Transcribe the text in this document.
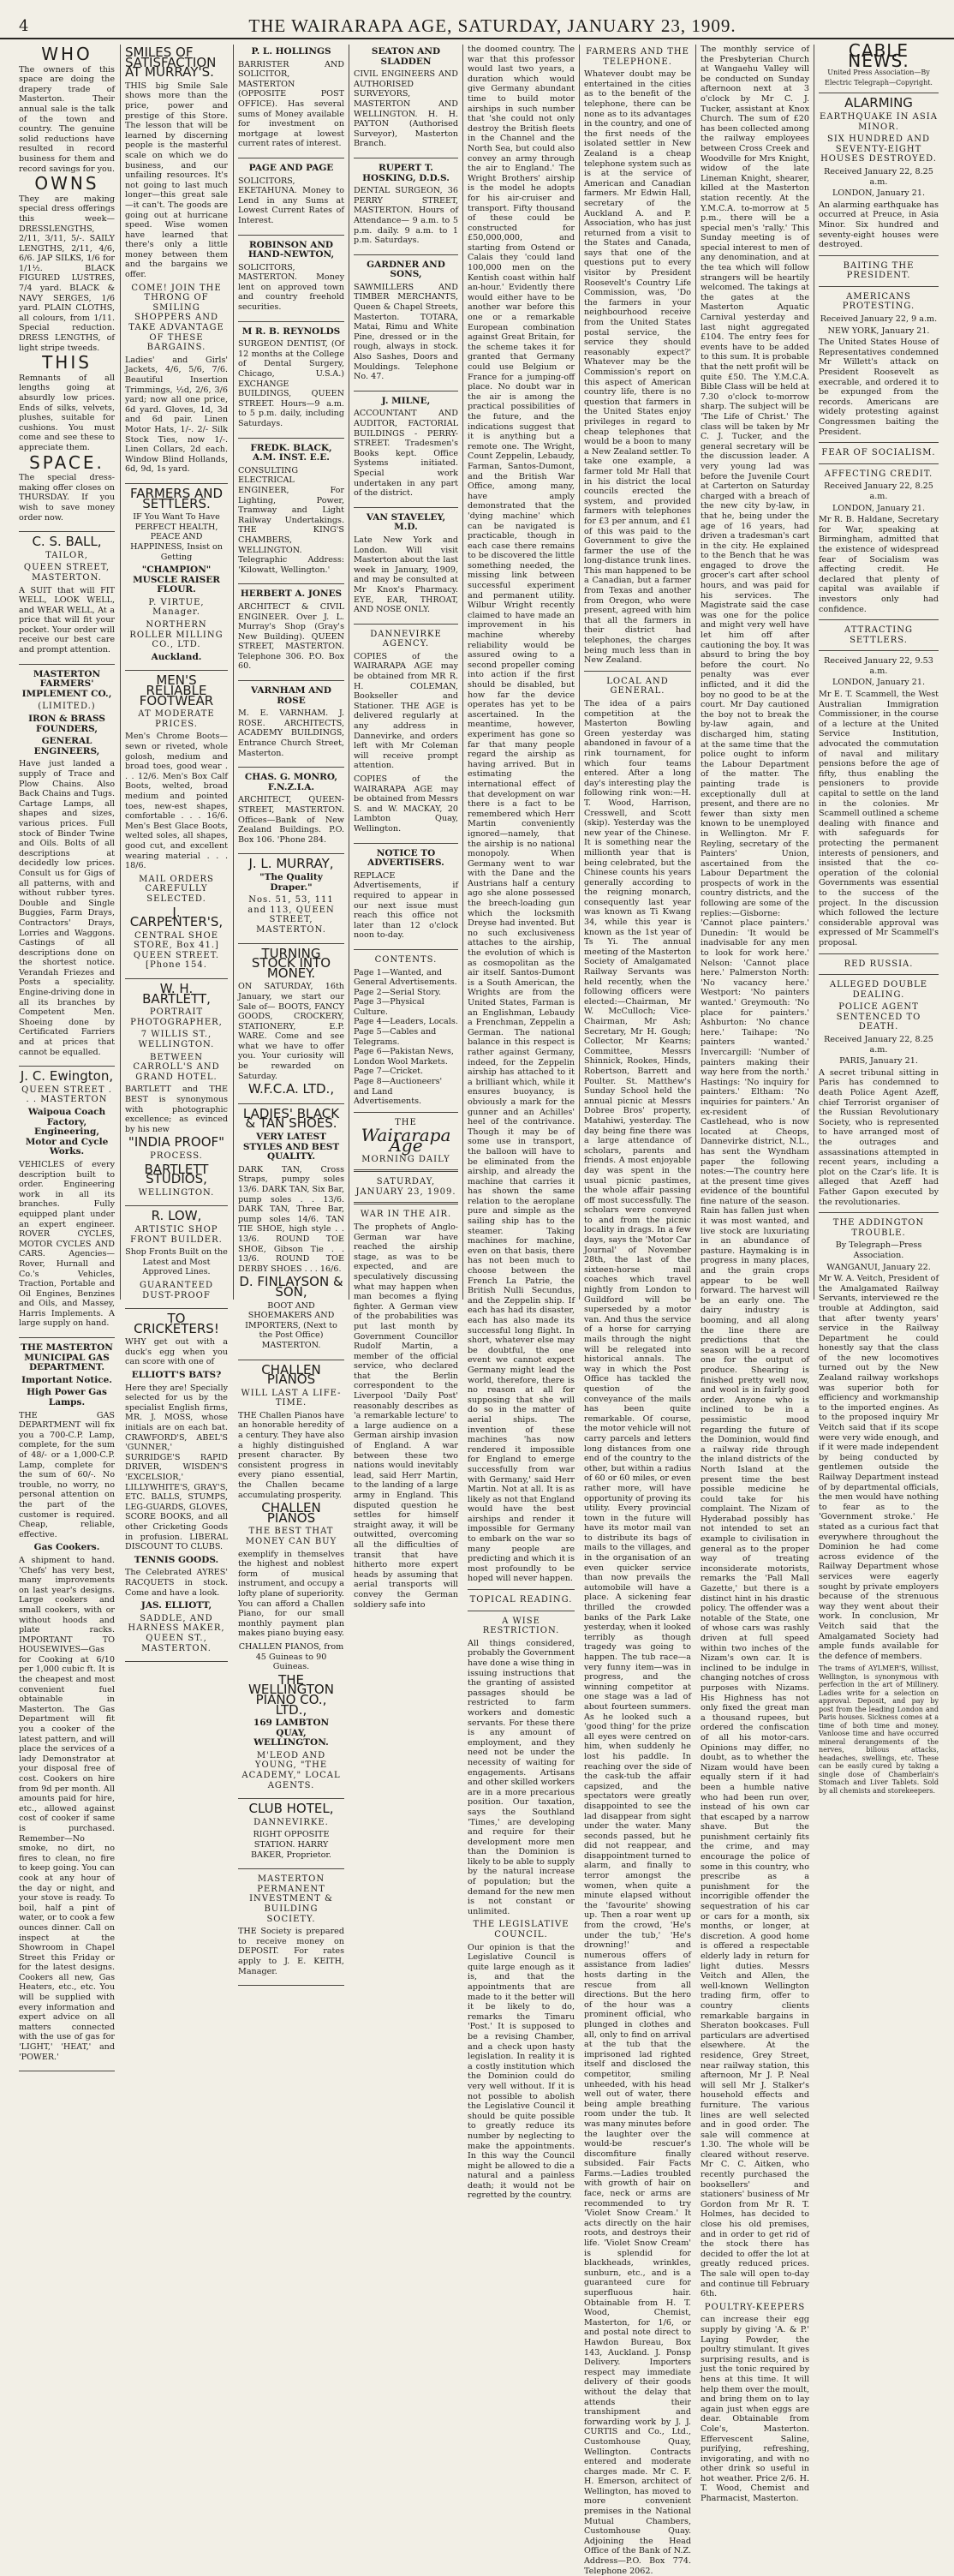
4	THE WAIRARAPA AGE, SATURDAY, JANUARY 23, 1909.
WHO

The owners of this space are doing the drapery trade of Masterton. Their annual sale is the talk of the town and country. The genuine solid reductions have resulted in record business for them and record savings for you.

OWNS

They are making special dress offerings this week— DRESSLENGTHS, 2/11, 3/11, 5/-. SAILY LENGTHS, 2/11, 4/6, 6/6. JAP SILKS, 1/6 for 1/1½. BLACK FIGURED LUSTRES, 7/4 yard. BLACK & NAVY SERGES, 1/6 yard. PLAIN CLOTHS, all colours, from 1/11. Special reduction. DRESS LENGTHS, of light stripe tweeds.

THIS

Remnants of all lengths going at absurdly low prices. Ends of silks, velvets, plushes, suitable for cushions. You must come and see these to appreciate them.

SPACE.

The special dress-making offer closes on THURSDAY. If you wish to save money order now.

C. S. BALL,
TAILOR,
QUEEN STREET, MASTERTON.

A SUIT that will FIT WELL, LOOK WELL, and WEAR WELL, At a price that will fit your pocket. Your order will receive our best care and prompt attention.

MASTERTON FARMERS' IMPLEMENT CO.,
(LIMITED.)
IRON & BRASS FOUNDERS,
GENERAL ENGINEERS,

Have just landed a supply of Trace and Plow Chains. Also Back Chains and Tugs. Cartage Lamps, all shapes and sizes, various prices. Full stock of Binder Twine and Oils. Bolts of all descriptions at decidedly low prices. Consult us for Gigs of all patterns, with and without rubber tyres. Double and Single Buggies, Farm Drays, Contractors' Drays, Lorries and Waggons. Castings of all descriptions done on the shortest notice. Verandah Friezes and Posts a speciality. Engine-driving done in all its branches by Competent Men. Shoeing done by Certificated Farriers and at prices that cannot be equalled.

J. C. Ewington,
QUEEN STREET . . . MASTERTON
Waipoua Coach Factory, Engineering, Motor and Cycle Works.

VEHICLES of every description built to order. Engineering work in all its branches. Fully equipped plant under an expert engineer. ROVER CYCLES, MOTOR CYCLES AND CARS. Agencies—Rover, Hurnall and Co.'s Vehicles, Traction, Portable and Oil Engines, Benzines and Oils, and Massey, Harris Implements. A large supply on hand.

THE MASTERTON MUNICIPAL GAS DEPARTMENT.
Important Notice.
High Power Gas Lamps.

THE GAS DEPARTMENT will fix you a 700-C.P. Lamp, complete, for the sum of 48/- or a 1,000-C.P. Lamp, complete for the sum of 60/-. No trouble, no worry, no personal attention on the part of the customer is required. Cheap, reliable, effective.

Gas Cookers.

A shipment to hand. 'Chefs' has very best, many improvements on last year's designs. Large cookers and small cookers, with or without hoods and plate racks. IMPORTANT TO HOUSEWIVES—Gas for Cooking at 6/10 per 1,000 cubic ft. It is the cheapest and most convenient fuel obtainable in Masterton. The Gas Department will fit you a cooker of the latest pattern, and will place the services of a lady Demonstrator at your disposal free of cost. Cookers on hire from 9d per month. All amounts paid for hire, etc., allowed against cost of cooker if same is purchased. Remember—No smoke, no dirt, no fires to clean, no fire to keep going. You can cook at any hour of the day or night, and your stove is ready. To boil, half a pint of water, or to cook a few ounces dinner. Call on inspect at the Showroom in Chapel Street this Friday or for the latest designs. Cookers all new, Gas Heaters, etc., etc. You will be supplied with every information and expert advice on all matters connected with the use of gas for 'LIGHT,' 'HEAT,' and 'POWER.'

SMILES OF SATISFACTION AT MURRAY'S.

THIS big Smile Sale shows more than the price, power and prestige of this Store. The lesson that will be learned by discerning people is the masterful scale on which we do business, and our unfailing resources. It's not going to last much longer—this great sale—it can't. The goods are going out at hurricane speed. Wise women have learned that there's only a little money between them and the bargains we offer.

COME! JOIN THE THRONG OF SMILING SHOPPERS AND TAKE ADVANTAGE OF THESE BARGAINS.

Ladies' and Girls' Jackets, 4/6, 5/6, 7/6. Beautiful Insertion Trimmings, ½d, 2/6, 3/6 yard; now all one price, 6d yard. Gloves, 1d, 3d and 6d pair. Linen Motor Hats, 1/-. 2/- Silk Stock Ties, now 1/-. Linen Collars, 2d each. Window Blind Hollands, 6d, 9d, 1s yard.

FARMERS AND SETTLERS.

IF You Want To Have PERFECT HEALTH, PEACE AND HAPPINESS, Insist on Getting

"CHAMPION" MUSCLE RAISER FLOUR.
P. VIRTUE, Manager.
NORTHERN ROLLER MILLING CO., LTD.
Auckland.
MEN'S RELIABLE FOOTWEAR
AT MODERATE PRICES.

Men's Chrome Boots—sewn or riveted, whole golosh, medium and broad toes, good wear . . . 12/6. Men's Box Calf Boots, welted, broad medium and pointed toes, new-est shapes, comfortable . . . 16/6. Men's Best Glace Boots, welted soles, all shapes, good cut, and excellent wearing material . . . 18/6.

MAIL ORDERS CAREFULLY SELECTED.
J. CARPENTER'S,
CENTRAL SHOE STORE, Box 41.] QUEEN STREET. [Phone 154.
W. H. BARTLETT,
PORTRAIT PHOTOGRAPHER,
7 WILLIS ST., WELLINGTON.
BETWEEN CARROLL'S AND GRAND HOTEL.

BARTLETT and THE BEST is synonymous with photographic excellence; as evinced by his new

"INDIA PROOF"
PROCESS.
BARTLETT STUDIOS,
WELLINGTON.
R. LOW,
ARTISTIC SHOP FRONT BUILDER.

Shop Fronts Built on the Latest and Most Approved Lines.

GUARANTEED DUST-PROOF
TO CRICKETERS!

WHY get out with a duck's egg when you can score with one of

ELLIOTT'S BATS?

Here they are! Specially selected for us by the specialist English firms, MR. J. MOSS, whose initials are on each bat. CRAWFORD'S, ABEL'S 'GUNNER,' SURRIDGE'S RAPID DRIVER, WISDEN'S 'EXCELSIOR,' LILLYWHITE'S, GRAY'S, ETC. BALLS, STUMPS, LEG-GUARDS, GLOVES, SCORE BOOKS, and all other Cricketing Goods in profusion. LIBERAL DISCOUNT TO CLUBS.

TENNIS GOODS.

The Celebrated AYRES' RACQUETS in stock. Come and have a look.

JAS. ELLIOTT,
SADDLE, AND HARNESS MAKER, QUEEN ST., MASTERTON.
P. L. HOLLINGS

BARRISTER AND SOLICITOR, MASTERTON (OPPOSITE POST OFFICE). Has several sums of Money available for investment on mortgage at lowest current rates of interest.

PAGE AND PAGE

SOLICITORS, EKETAHUNA. Money to Lend in any Sums at Lowest Current Rates of Interest.

ROBINSON AND HAND-NEWTON,

SOLICITORS, MASTERTON. Money lent on approved town and country freehold securities.

M R. B. REYNOLDS

SURGEON DENTIST, (Of 12 months at the College of Dental Surgery, Chicago, U.S.A.) EXCHANGE BUILDINGS, QUEEN STREET. Hours—9 a.m. to 5 p.m. daily, including Saturdays.

FREDK. BLACK, A.M. INST. E.E.

CONSULTING ELECTRICAL ENGINEER, For Lighting, Power, Tramway and Light Railway Undertakings. THE KING'S CHAMBERS, WELLINGTON. Telegraphic Address: 'Kilowatt, Wellington.'

HERBERT A. JONES

ARCHITECT & CIVIL ENGINEER. Over J. L. Murray's Shop (Gray's New Building). QUEEN STREET, MASTERTON. Telephone 306. P.O. Box 60.

VARNHAM AND ROSE

M. E. VARNHAM. J. ROSE. ARCHITECTS, ACADEMY BUILDINGS, Entrance Church Street, Masterton.

CHAS. G. MONRO, F.N.Z.I.A.

ARCHITECT, QUEEN-STREET, MASTERTON. Offices—Bank of New Zealand Buildings. P.O. Box 106. 'Phone 284.

J. L. MURRAY,
"The Quality Draper."
Nos. 51, 53, 111 and 113, QUEEN STREET, MASTERTON.
TURNING STOCK INTO MONEY.

ON SATURDAY, 16th January, we start our Sale of— BOOTS, FANCY GOODS, CROCKERY, STATIONERY, E.P. WARE. Come and see what we have to offer you. Your curiosity will be rewarded on Saturday.

W.F.C.A. LTD.,
LADIES' BLACK & TAN SHOES.
VERY LATEST STYLES AND BEST QUALITY.

DARK TAN, Cross Straps, pumpy soles 13/6. DARK TAN, Six Bar, pump soles . . 13/6. DARK TAN, Three Bar, pump soles 14/6. TAN TIE SHOE, high style . . 13/6. ROUND TOE SHOE, Gibson Tie . . 13/6. ROUND TOE DERBY SHOES . . . 16/6.

D. FINLAYSON & SON,

BOOT AND SHOEMAKERS AND IMPORTERS, (Next to the Post Office) MASTERTON.

CHALLEN PIANOS
WILL LAST A LIFE-TIME.

THE Challen Pianos have an honorable heredity of a century. They have also a highly distinguished present character. By consistent progress in every piano essential, the Challen became accumulating prosperity.

CHALLEN PIANOS
THE BEST THAT MONEY CAN BUY

exemplify in themselves the highest and noblest form of musical instrument, and occupy a lofty plane of superiority. You can afford a Challen Piano, for our small monthly payment plan makes piano buying easy.

CHALLEN PIANOS, from 45 Guineas to 90 Guineas.

THE WELLINGTON PIANO CO., LTD.,
169 LAMBTON QUAY, WELLINGTON.
M'LEOD AND YOUNG, "THE ACADEMY," LOCAL AGENTS.
CLUB HOTEL,
DANNEVIRKE.

RIGHT OPPOSITE STATION. HARRY BAKER, Proprietor.

MASTERTON PERMANENT INVESTMENT & BUILDING SOCIETY.

THE Society is prepared to receive money on DEPOSIT. For rates apply to J. E. KEITH, Manager.

SEATON AND SLADDEN

CIVIL ENGINEERS AND AUTHORISED SURVEYORS, MASTERTON AND WELLINGTON. H. H. PAYTON (Authorised Surveyor), Masterton Branch.

RUPERT T. HOSKING, D.D.S.

DENTAL SURGEON, 36 PERRY STREET, MASTERTON. Hours of Attendance— 9 a.m. to 5 p.m. daily. 9 a.m. to 1 p.m. Saturdays.

GARDNER AND SONS,

SAWMILLERS AND TIMBER MERCHANTS, Queen & Chapel Streets, Masterton. TOTARA, Matai, Rimu and White Pine, dressed or in the rough, always in stock. Also Sashes, Doors and Mouldings. Telephone No. 47.

J. MILNE,

ACCOUNTANT AND AUDITOR, FACTORIAL BUILDINGS - PERRY-STREET. Tradesmen's Books kept. Office Systems initiated. Special work undertaken in any part of the district.

VAN STAVELEY, M.D.

Late New York and London. Will visit Masterton about the last week in January, 1909, and may be consulted at Mr Knox's Pharmacy. EYE, EAR, THROAT, AND NOSE ONLY.

DANNEVIRKE AGENCY.

COPIES of the WAIRARAPA AGE may be obtained from MR R. H. COLEMAN, Bookseller and Stationer. THE AGE is delivered regularly at any address in Dannevirke, and orders left with Mr Coleman will receive prompt attention.

COPIES of the WAIRARAPA AGE may be obtained from Messrs S. and W. MACKAY, 20 Lambton Quay, Wellington.

NOTICE TO ADVERTISERS.

REPLACE Advertisements, if required to appear in our next issue must reach this office not later than 12 o'clock noon to-day.

CONTENTS.
Page 1—Wanted, and General Advertisements.
Page 2—Serial Story.
Page 3—Physical Culture.
Page 4—Leaders, Locals.
Page 5—Cables and Telegrams.
Page 6—Pakistan News, London Wool Markets.
Page 7—Cricket.
Page 8—Auctioneers' and Land Advertisements.
THE
Wairarapa Age
MORNING DAILY
SATURDAY, JANUARY 23, 1909.
WAR IN THE AIR.

The prophets of Anglo-German war have reached the airship stage, as was to be expected, and are speculatively discussing what may happen when man becomes a flying fighter. A German view of the probabilities was put last month by Government Councillor Rudolf Martin, a member of the official service, who declared that the Berlin correspondent to the Liverpool 'Daily Post' reasonably describes as 'a remarkable lecture' to a large audience on a German airship invasion of England. A war between these two nations would inevitably lead, said Herr Martin, to the landing of a large army in England. This disputed question he settles for himself straight away, it will be outwitted, overcoming all the difficulties of transit that have hitherto more expert heads by assuming that aerial transports will convey the German soldiery safe into

the doomed country. The war that this professor would last two years, a duration which would give Germany abundant time to build motor airships in such number that 'she could not only destroy the British fleets in the Channel and the North Sea, but could also convey an army through the air to England.' The Wright Brothers' airship is the model he adopts for his air-cruiser and transport. Fifty thousand of these could be constructed for £50,000,000, and starting from Ostend or Calais they 'could land 100,000 men on the Kentish coast within half an-hour.' Evidently there would either have to be another war before this one or a remarkable European combination against Great Britain, for the scheme takes it for granted that Germany could use Belgium or France for a jumping-off place. No doubt war in the air is among the practical possibilities of the future, and the indications suggest that it is anything but a remote one. The Wright, Count Zeppelin, Lebaudy, Farman, Santos-Dumont, and the British War Office, among many, have amply demonstrated that the 'dying machine' which can be navigated is practicable, though in each case there remains to be discovered the little something needed, the missing link between successful experiment and permanent utility. Wilbur Wright recently claimed to have made an improvement in his machine whereby reliability would be assured owing to a second propeller coming into action if the first should be disabled, but how far the device operates has yet to be ascertained. In the meantime, however, experiment has gone so far that many people regard the airship as having arrived. But in estimating the international effect of that development on war there is a fact to be remembered which Herr Martin conveniently ignored—namely, that the airship is no national monopoly. When Germany went to war with the Dane and the Austrians half a century ago she alone possessed the breech-loading gun which the locksmith Dreyse had invented. But no such exclusiveness attaches to the airship, the evolution of which is as cosmopolitan as the air itself. Santos-Dumont is a South American, the Wrights are from the United States, Farman is an Englishman, Lebaudy a Frenchman, Zeppelin a German. The national balance in this respect is rather against Germany, indeed, for the Zeppelin airship has attached to it a brilliant which, while it ensures buoyancy, is obviously a mark for the gunner and an Achilles' heel of the contrivance. Though it may be of some use in transport, the balloon will have to be eliminated from the airship, and already the machine that carries it has shown the same relation to the aeroplane pure and simple as the sailing ship has to the steamer. Taking machines for machine, even on that basis, there has not been much to choose between the French La Patrie, the British Nulli Secundus, and the Zeppelin ship. If each has had its disaster, each has also made its successful long flight. In short, whatever else may be doubtful, the one event we cannot expect Germany might lead the world, therefore, there is no reason at all for supposing that she will do so in the matter of aerial ships. The invention of these machines 'has now rendered it impossible for England to emerge successfully from war with Germany,' said Herr Martin. Not at all. It is as likely as not that England would have the best airships and render it impossible for Germany to embark on the war so many people are predicting and which it is most profoundly to be hoped will never happen.

TOPICAL READING.
A WISE RESTRICTION.

All things considered, probably the Government have done a wise thing in issuing instructions that the granting of assisted passages should be restricted to farm workers and domestic servants. For these there is any amount of employment, and they need not be under the necessity of waiting for engagements. Artisans and other skilled workers are in a more precarious position. Our taxation, says the Southland 'Times,' are developing and require for their development more men than the Dominion is likely to be able to supply by the natural increase of population; but the demand for the new men is not constant or unlimited.

THE LEGISLATIVE COUNCIL.

Our opinion is that the Legislative Council is quite large enough as it is, and that the appointments that are made to it the better will it be likely to do, remarks the Timaru 'Post.' It is supposed to be a revising Chamber, and a check upon hasty legislation. In reality it is a costly institution which the Dominion could do very well without. If it is not possible to abolish the Legislative Council it should be quite possible to greatly reduce its number by neglecting to make the appointments. In this way the Council might be allowed to die a natural and a painless death; it would not be regretted by the country.

FARMERS AND THE TELEPHONE.

Whatever doubt may be entertained in the cities as to the benefit of the telephone, there can be none as to its advantages in the country, and one of the first needs of the isolated settler in New Zealand is a cheap telephone system such as is at the service of American and Canadian farmers. Mr Edwin Hall, secretary of the Auckland A. and P. Association, who has just returned from a visit to the States and Canada, says that one of the questions put to every visitor by President Roosevelt's Country Life Commission, was, 'Do the farmers in your neighbourhood receive from the United States postal service, the service they should reasonably expect?' Whatever may be the Commission's report on this aspect of American country life, there is no question that farmers in the United States enjoy privileges in regard to cheap telephones that would be a boon to many a New Zealand settler. To take one example, a farmer told Mr Hall that in his district the local councils erected the system, and provided farmers with telephones for £3 per annum, and £1 of this was paid to the Government to give the farmer the use of the long-distance trunk lines. This man happened to be a Canadian, but a farmer from Texas and another from Oregon, who were present, agreed with him that all the farmers in their district had telephones, the charges being much less than in New Zealand.

LOCAL AND GENERAL.

The idea of a pairs competition at the Masterton Bowling Green yesterday was abandoned in favour of a rink tournament, for which four teams entered. After a long day's interesting play the following rink won:—H. T. Wood, Harrison, Cresswell, and Scott (skip). Yesterday was the new year of the Chinese. It is something near the millionth year that is being celebrated, but the Chinese counts his years generally according to the reigning monarch, consequently last year was known as Ti Kwang 34, while this year is known as the 1st year of Ts Yi. The annual meeting of the Masterton Society of Amalgamated Railway Servants was held recently, when the following officers were elected:—Chairman, Mr W. McCulloch; Vice-Chairman, Mr Ash; Secretary, Mr H. Gough; Collector, Mr Kearns; Committee, Messrs Shinnick, Rookes, Hinds, Robertson, Barrett and Poulter. St. Matthew's Sunday School held the annual picnic at Messrs Dobree Bros' property, Matahiwi, yesterday. The day being fine there was a large attendance of scholars, parents and friends. A most enjoyable day was spent in the usual picnic pastimes, the whole affair passing off most successfully. The scholars were conveyed to and from the picnic locality in drags. In a few days, says the 'Motor Car Journal' of November 28th, the last of the sixteen-horse mail coaches which travel nightly from London to Guildford will be superseded by a motor van. And thus the service of a horse for carrying mails through the night will be relegated into historical annals. The way in which the Post Office has tackled the question of the conveyance of the mails has been quite remarkable. Of course, the motor vehicle will not carry parcels and letters long distances from one end of the country to the other, but within a radius of 60 or 60 miles, or even rather more, will have opportunity of proving its utility. Every provincial town in the future will have its motor mail van to distribute its bags of mails to the villages, and in the organisation of an even quicker service than now prevails the automobile will have a place. A sickening fear thrilled the crowded banks of the Park Lake yesterday, when it looked terribly as though tragedy was going to happen. The tub race—a very funny item—was in progress, and the winning competitor at one stage was a lad of about fourteen summers. As he looked such a 'good thing' for the prize all eyes were centred on him, when suddenly he lost his paddle. In reaching over the side of the cask-tub the affair capsized, and the spectators were greatly disappointed to see the lad disappear from sight under the water. Many seconds passed, but he did not reappear, and disappointment turned to alarm, and finally to terror amongst the women, when quite a minute elapsed without the 'favourite' showing up. Then a roar went up from the crowd, 'He's under the tub,' 'He's drowning!' and numerous offers of assistance from ladies' hosts darting in the rescue from all directions. But the hero of the hour was a prominent official, who plunged in clothes and all, only to find on arrival at the tub that the imprisoned lad righted itself and disclosed the competitor, smiling unheeded, with his head well out of water, there being ample breathing room under the tub. It was many minutes before the laughter over the would-be rescuer's discomfiture finally subsided. Fair Facts Farms.—Ladies troubled with growth of hair on face, neck or arms are recommended to try 'Violet Snow Cream.' It acts directly on the hair roots, and destroys their life. 'Violet Snow Cream' is splendid for blackheads, wrinkles, sunburn, etc., and is a guaranteed cure for superfluous hair. Obtainable from H. T. Wood, Chemist, Masterton, for 1/6, or and postal note direct to Hawdon Bureau, Box 143, Auckland. J. Ponsp Delivery. Importers respect may immediate delivery of their goods without the delay that attends their transhipment and forwarding work by J. J. CURTIS and Co., Ltd., Customhouse Quay, Wellington. Contracts entered and moderate charges made. Mr C. F. H. Emerson, architect of Wellington, has moved to more convenient premises in the National Mutual Chambers, Customhouse Quay. Adjoining the Head Office of the Bank of N.Z. Address—P.O. Box 774. Telephone 2062.

The monthly service of the Presbyterian Church at Wangaehu Valley will be conducted on Sunday afternoon next at 3 o'clock by Mr C. J. Tucker, assistant at Knox Church. The sum of £20 has been collected among the railway employees between Cross Creek and Woodville for Mrs Knight, widow of the late Lineman Knight, shearer, killed at the Masterton station recently. At the Y.M.C.A. to-morrow at 5 p.m., there will be a special men's 'rally.' This Sunday meeting is of special interest to men of any denomination, and at the tea which will follow strangers will be heartily welcomed. The takings at the gates at the Masterton Aquatic Carnival yesterday and last night aggregated £104. The entry fees for events have to be added to this sum. It is probable that the nett profit will be quite £50. The Y.M.C.A. Bible Class will be held at 7.30 o'clock to-morrow sharp. The subject will be 'The Life of Christ.' The class will be taken by Mr C. J. Tucker, and the general secretary will be the discussion leader. A very young lad was before the Juvenile Court at Carterton on Saturday charged with a breach of the new city by-law, in that he, being under the age of 16 years, had driven a tradesman's cart in the city. He explained to the Bench that he was engaged to drove the grocer's cart after school hours, and was paid for his services. The Magistrate said the case was one for the police and might very well have let him off after cautioning the boy. It was absurd to bring the boy before the court. No penalty was ever inflicted, and it did the boy no good to be at the court. Mr Day cautioned the boy not to break the by-law again, and discharged him, stating at the same time that the police ought to inform the Labour Department of the matter. The painting trade is exceptionally dull at present, and there are no fewer than sixty men known to be unemployed in Wellington. Mr F. Reyling, secretary of the Painters' Union, ascertained from the Labour Department the prospects of work in the country districts, and the following are some of the replies:—Gisborne: 'Cannot place painters.' Dunedin: 'It would be inadvisable for any men to look for work here.' Nelson: 'Cannot place here.' Palmerston North: 'No vacancy here.' Westport: 'No painters wanted.' Greymouth: 'No place for painters.' Ashburton: 'No chance here.' Taihape: 'No painters wanted.' Invercargill: 'Number of painters making their way here from the north.' Hastings: 'No inquiry for painters.' Eltham: 'No inquiries for painters.' An ex-resident of Castlehead, who is now located at Cheops, Dannevirke district, N.L., has sent the Wyndham paper the following notes:—The country here at the present time gives evidence of the bountiful fine nature of the season. Rain has fallen just when it was most wanted, and live stock are luxuriating in an abundance of pasture. Haymaking is in progress in many places, and the grain crops appear to be well forward. The harvest will be an early one. The dairy industry is booming, and all along the line there are predictions that the season will be a record one for the output of produce. Shearing is finished pretty well now, and wool is in fairly good order. Anyone who is inclined to be in a pessimistic mood regarding the future of the Dominion, would find a railway ride through the inland districts of the North Island at the present time the best possible medicine he could take for his complaint. The Nizam of Hyderabad possibly has not intended to set an example to civilisation in general as to the proper way of treating inconsiderate motorists, remarks the 'Pall Mall Gazette,' but there is a distinct hint in his drastic policy. The offender was a notable of the State, one of whose cars was rashly driven at full speed within two inches of the Nizam's own car. It is inclined to be indulge in changing notches of cross purposes with Nizams. His Highness has not only fixed the great man a thousand rupees, but ordered the confiscation of all his motor-cars. Opinions may differ, no doubt, as to whether the Nizam would have been equally stern if it had been a humble native who had been run over, instead of his own car that escaped by a narrow shave. But the punishment certainly fits the crime, and may encourage the police of some in this country, who prescribe as a punishment for the incorrigible offender the sequestration of his car or cars for a month, six months, or longer, at discretion. A good home is offered a respectable elderly lady in return for light duties. Messrs Veitch and Allen, the well-known Wellington trading firm, offer to country clients remarkable bargains in Sheraton bookcases. Full particulars are advertised elsewhere. At the residence, Grey Street, near railway station, this afternoon, Mr J. P. Neal will sell Mr J. Stalker's household effects and furniture. The various lines are well selected and in good order. The sale will commence at 1.30. The whole will be cleared without reserve. Mr C. C. Aitken, who recently purchased the booksellers' and stationers' business of Mr Gordon from Mr R. T. Holmes, has decided to close his old premises, and in order to get rid of the stock there has decided to offer the lot at greatly reduced prices. The sale will open to-day and continue till February 6th.

POULTRY-KEEPERS

can increase their egg supply by giving 'A. & P.' Laying Powder, the poultry stimulant. It gives surprising results, and is just the tonic required by hens at this time. It will help them over the moult, and bring them on to lay again just when eggs are dear. Obtainable from Cole's, Masterton. Effervescent Saline, purifying, refreshing, invigorating, and with no other drink so useful in hot weather. Price 2/6. H. T. Wood, Chemist and Pharmacist, Masterton.

CABLE NEWS.
United Press Association—By Electric Telegraph—Copyright.
ALARMING
EARTHQUAKE IN ASIA MINOR.
SIX HUNDRED AND SEVENTY-EIGHT HOUSES DESTROYED.
Received January 22, 8.25 a.m.
LONDON, January 21.

An alarming earthquake has occurred at Preuce, in Asia Minor. Six hundred and seventy-eight houses were destroyed.

BAITING THE PRESIDENT.
AMERICANS PROTESTING.
Received January 22, 9 a.m.
NEW YORK, January 21.

The United States House of Representatives condemned Mr Willett's attack on President Roosevelt as execrable, and ordered it to be expunged from the records. Americans are widely protesting against Congressmen baiting the President.

FEAR OF SOCIALISM.
AFFECTING CREDIT.
Received January 22, 8.25 a.m.
LONDON, January 21.

Mr R. B. Haldane, Secretary for War, speaking at Birmingham, admitted that the existence of widespread fear of Socialism was affecting credit. He declared that plenty of capital was available if investors only had confidence.

ATTRACTING SETTLERS.
Received January 22, 9.53 a.m.
LONDON, January 21.

Mr E. T. Scammell, the West Australian Immigration Commissioner, in the course of a lecture at the United Service Institution, advocated the commutation of naval and military pensions before the age of fifty, thus enabling the pensioners to provide capital to settle on the land in the colonies. Mr Scammell outlined a scheme dealing with finance and with safeguards for protecting the permanent interests of pensioners, and insisted that the co-operation of the colonial Governments was essential to the success of the project. In the discussion which followed the lecture considerable approval was expressed of Mr Scammell's proposal.

RED RUSSIA.
ALLEGED DOUBLE DEALING.
POLICE AGENT SENTENCED TO DEATH.
Received January 22, 8.25 a.m.
PARIS, January 21.

A secret tribunal sitting in Paris has condemned to death Police Agent Azeff, chief Terrorist organiser of the Russian Revolutionary Society, who is represented to have arranged most of the outrages and assassinations attempted in recent years, including a plot on the Czar's life. It is alleged that Azeff had Father Gapon executed by the revolutionaries.

THE ADDINGTON TROUBLE.
By Telegraph—Press Association.
WANGANUI, January 22.

Mr W. A. Veitch, President of the Amalgamated Railway Servants, interviewed re the trouble at Addington, said that after twenty years' service in the Railway Department he could honestly say that the class of the new locomotives turned out by the New Zealand railway workshops was superior both for efficiency and workmanship to the imported engines. As to the proposed inquiry Mr Veitch said that if its scope were very wide enough, and if it were made independent by being conducted by gentlemen outside the Railway Department instead of by departmental officials, the men would have nothing to fear as to the 'Government stroke.' He stated as a curious fact that everywhere throughout the Dominion he had come across evidence of the Railway Department whose services were eagerly sought by private employers because of the strenuous way they went about their work. In conclusion, Mr Veitch said that the Amalgamated Society had ample funds available for the defence of members.

The trams of AYLMER'S, Willisst, Wellington, is synonymous with perfection in the art of Millinery. Ladies write for a selection on approval. Deposit, and pay by post from the leading London and Paris houses. Sickness comes at a time of both time and money. Vanloose time and have occurred mineral derangements of the nerves, bilious attacks, headaches, swellings, etc. These can be easily cured by taking a single dose of Chamberlain's Stomach and Liver Tablets. Sold by all chemists and storekeepers.
